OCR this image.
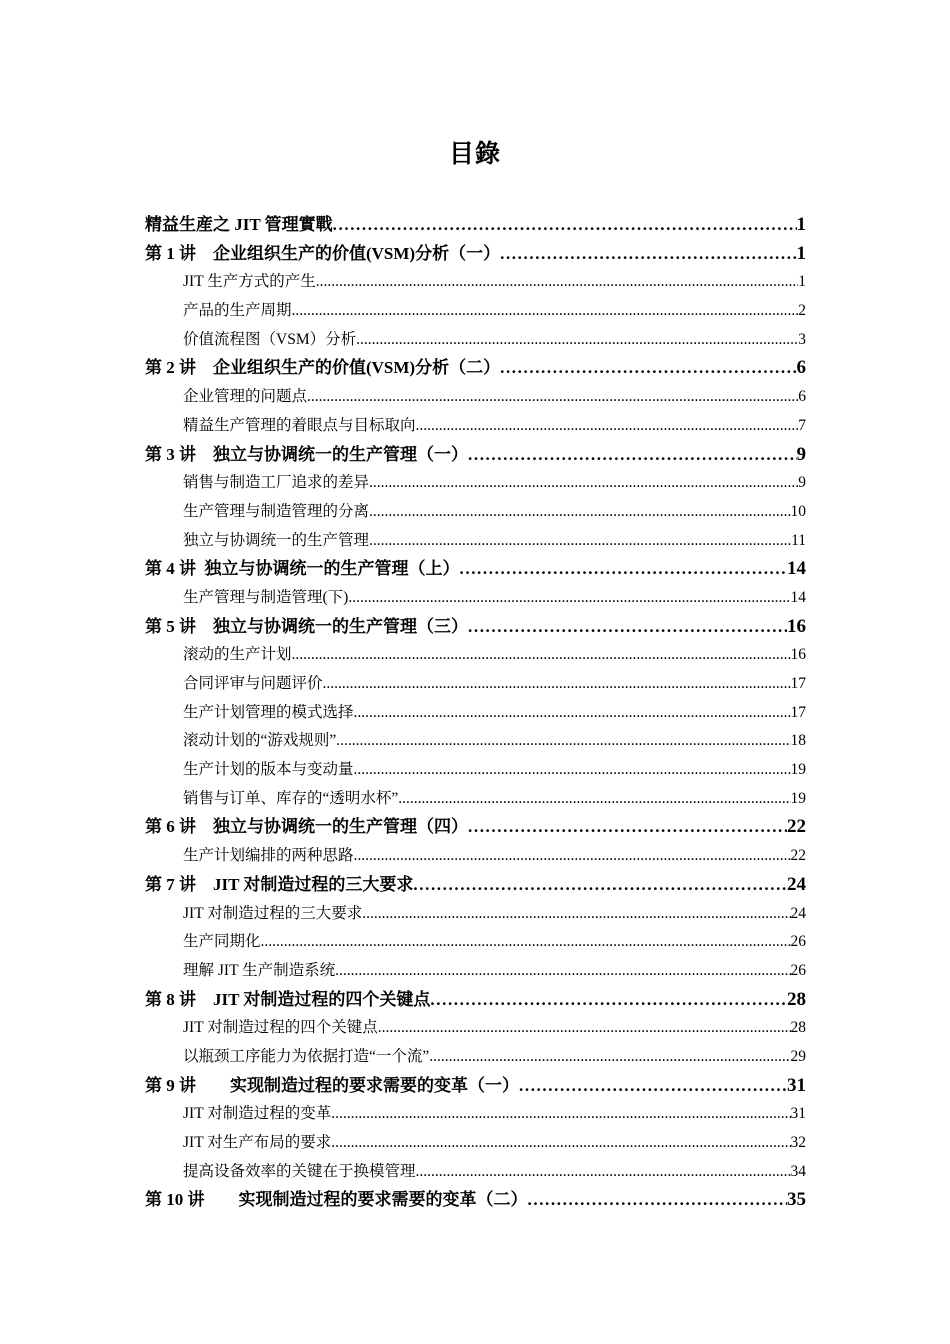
目錄
精益生産之 JIT 管理實戰 .....	1
第 1 讲　企业组织生产的价值(VSM)分析（一） .....	1
JIT 生产方式的产生 .....	1
产品的生产周期 .....	2
价值流程图（VSM）分析 .....	3
第 2 讲　企业组织生产的价值(VSM)分析（二） .....	6
企业管理的问题点 .....	6
精益生产管理的着眼点与目标取向 .....	7
第 3 讲　独立与协调统一的生产管理（一） .....	9
销售与制造工厂追求的差异 .....	9
生产管理与制造管理的分离 .....	10
独立与协调统一的生产管理 .....	11
第 4 讲  独立与协调统一的生产管理（上） .....	14
生产管理与制造管理(下) .....	14
第 5 讲　独立与协调统一的生产管理（三） .....	16
滚动的生产计划 .....	16
合同评审与问题评价 .....	17
生产计划管理的模式选择 .....	17
滚动计划的“游戏规则” .....	18
生产计划的版本与变动量 .....	19
销售与订单、库存的“透明水杯” .....	19
第 6 讲　独立与协调统一的生产管理（四） .....	22
生产计划编排的两种思路 .....	22
第 7 讲　JIT 对制造过程的三大要求 .....	24
JIT 对制造过程的三大要求 .....	24
生产同期化 .....	26
理解 JIT 生产制造系统 .....	26
第 8 讲　JIT 对制造过程的四个关键点 .....	28
JIT 对制造过程的四个关键点 .....	28
以瓶颈工序能力为依据打造“一个流” .....	29
第 9 讲　　实现制造过程的要求需要的变革（一） .....	31
JIT 对制造过程的变革 .....	31
JIT 对生产布局的要求 .....	32
提高设备效率的关键在于换模管理 .....	34
第 10 讲　　实现制造过程的要求需要的变革（二） .....	35
